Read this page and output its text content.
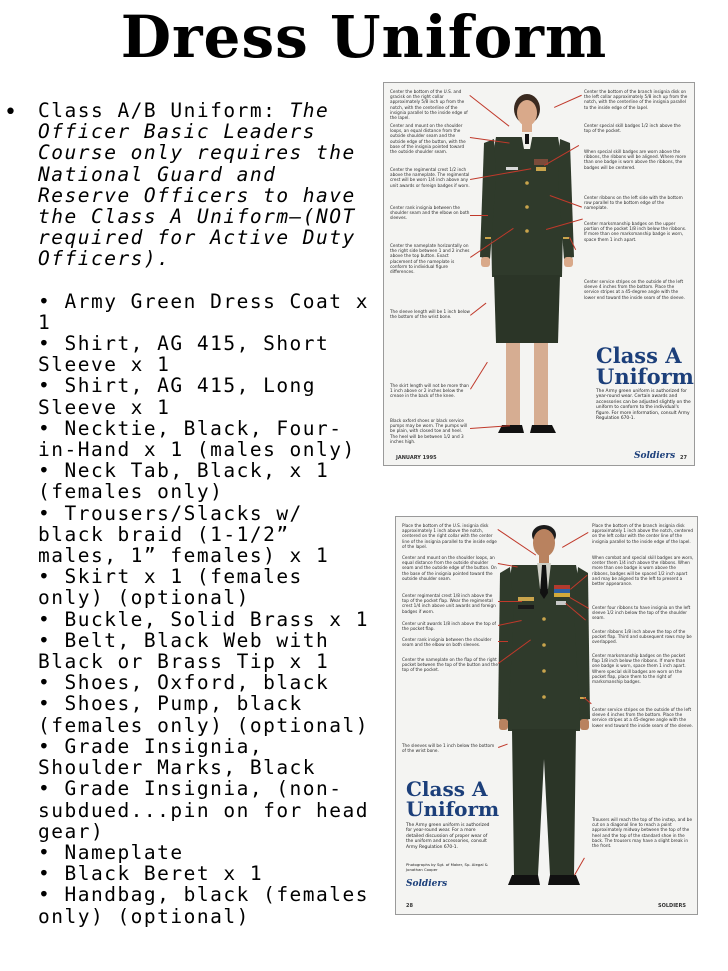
Dress Uniform
• Class A/B Uniform: The Officer Basic Leaders Course only requires the National Guard and Reserve Officers to have the Class A Uniform—(NOT required for Active Duty Officers).
• Army Green Dress Coat x 1
• Shirt, AG 415, Short Sleeve x 1
• Shirt, AG 415, Long Sleeve x 1
• Necktie, Black, Four-in-Hand x 1 (males only)
• Neck Tab, Black, x 1 (females only)
• Trousers/Slacks w/ black braid (1-1/2” males, 1” females) x 1
• Skirt x 1 (females only) (optional)
• Buckle, Solid Brass x 1
• Belt, Black Web with Black or Brass Tip x 1
• Shoes, Oxford, black
• Shoes, Pump, black (females only) (optional)
• Grade Insignia, Shoulder Marks, Black
• Grade Insignia, (non-subdued...pin on for head gear)
• Nameplate
• Black Beret x 1
• Handbag, black (females only) (optional)
Center the bottom of the U.S. and gracisk on the right collar approximately 5/8 inch up from the notch, with the centerline of the insignia parallel to the inside edge of the lapel.
Center and mount on the shoulder loops, an equal distance from the outside shoulder seam and the outside edge of the button, with the base of the insignia pointed toward the outside shoulder seam.
Center the regimental crest 1/2 inch above the nameplate. The regimental crest will be worn 1/4 inch above any unit awards or foreign badges if worn.
Center rank insignia between the shoulder seam and the elbow on both sleeves.
Center the nameplate horizontally on the right side between 1 and 2 inches above the top button. Exact placement of the nameplate is conform to individual figure differences.
The sleeve length will be 1 inch below the bottom of the wrist bone.
The skirt length will not be more than 1 inch above or 2 inches below the crease in the back of the knee.
Black oxford shoes or black service pumps may be worn. The pumps will be plain, with closed toe and heel. The heel will be between 1/2 and 3 inches high.
Center the bottom of the branch insignia disk on the left collar approximately 5/8 inch up from the notch, with the centerline of the insignia parallel to the inside edge of the lapel.
Center special skill badges 1/2 inch above the top of the pocket.
When special skill badges are worn above the ribbons, the ribbons will be aligned. Where more than one badge is worn above the ribbons, the badges will be centered.
Center ribbons on the left side with the bottom row parallel to the bottom edge of the nameplate.
Center marksmanship badges on the upper portion of the pocket 1/8 inch below the ribbons. If more than one marksmanship badge is worn, space them 1 inch apart.
Center service stripes on the outside of the left sleeve 4 inches from the bottom. Place the service stripes at a 45-degree angle with the lower end toward the inside seam of the sleeve.
Class A Uniform
The Army green uniform is authorized for year-round wear. Certain awards and accessories can be adjusted slightly on the uniform to conform to the individual's figure. For more information, consult Army Regulation 670-1.
JANUARY 1995	Soldiers 27
Place the bottom of the U.S. insignia disk approximately 1 inch above the notch, centered on the right collar with the center line of the insignia parallel to the inside edge of the lapel.
Center and mount on the shoulder loops, an equal distance from the outside shoulder seam and the outside edge of the button. On the base of the insignia pointed toward the outside shoulder seam.
Center regimental crest 1/8 inch above the top of the pocket flap. Wear the regimental crest 1/4 inch above unit awards and foreign badges if worn.
Center unit awards 1/8 inch above the top of the pocket flap.
Center rank insignia between the shoulder seam and the elbow on both sleeves.
Center the nameplate on the flap of the right pocket between the top of the button and the top of the pocket.
The sleeves will be 1 inch below the bottom of the wrist bone.
Place the bottom of the branch insignia disk approximately 1 inch above the notch, centered on the left collar with the center line of the insignia parallel to the inside edge of the lapel.
When combat and special skill badges are worn, center them 1/4 inch above the ribbons. When more than one badge is worn above the ribbons, badges will be spaced 1/2 inch apart and may be aligned to the left to present a better appearance.
Center four ribbons to have insignia on the left sleeve 1/2 inch below the top of the shoulder seam.
Center ribbons 1/8 inch above the top of the pocket flap. Third and subsequent rows may be overlapped.
Center marksmanship badges on the pocket flap 1/8 inch below the ribbons. If more than one badge is worn, space them 1 inch apart. Where special skill badges are worn on the pocket flap, place them to the right of marksmanship badges.
Center service stripes on the outside of the left sleeve 4 inches from the bottom. Place the service stripes at a 45-degree angle with the lower end toward the inside seam of the sleeve.
Trousers will reach the top of the instep, and be cut on a diagonal line to reach a point approximately midway between the top of the heel and the top of the standard shoe in the back. The trousers may have a slight break in the front.
Class A Uniform
The Army green uniform is authorized for year-round wear. For a more detailed discussion of proper wear of the uniform and accessories, consult Army Regulation 670-1.
Photographs by Sgt. of Maker, Sp. Alegal & Jonathan Cooper
Soldiers
28	SOLDIERS
